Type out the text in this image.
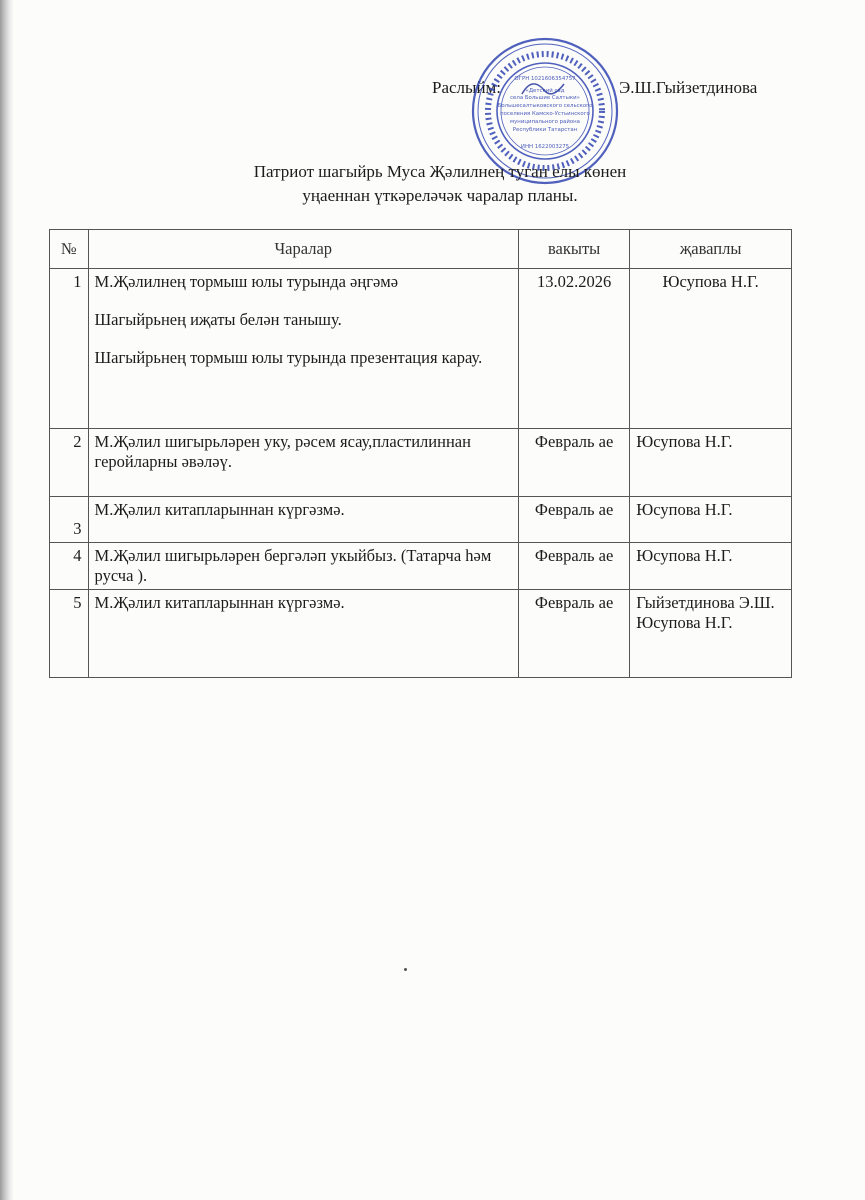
Раслыйм:	Э.Ш.Гыйзетдинова
ОГРН 1021606354757
«Детский сад
села Большие Салтыки»
Большесалтыковского сельского
поселения Камско-Устьинского
муниципального района
Республики Татарстан
ИНН 1622003275
Патриот шагыйрь Муса Җәлилнең туган елы көнен
уңаеннан үткәреләчәк чаралар планы.
№	Чаралар	вакыты	җаваплы
1	М.Җәлилнең тормыш юлы турында әңгәмә

Шагыйрьнең иҗаты белән танышу.

Шагыйрьнең тормыш юлы турында презентация карау.	13.02.2026	Юсупова Н.Г.

2	М.Җәлил шигырьләрен уку, рәсем ясау,пластилиннан геройларны әвәләү.	Февраль ае	Юсупова Н.Г.

3	М.Җәлил китапларыннан күргәзмә.	Февраль ае	Юсупова Н.Г.

4	М.Җәлил шигырьләрен бергәләп укыйбыз. (Татарча һәм русча ).	Февраль ае	Юсупова Н.Г.

5	М.Җәлил китапларыннан күргәзмә.	Февраль ае	Гыйзетдинова Э.Ш.
Юсупова Н.Г.
